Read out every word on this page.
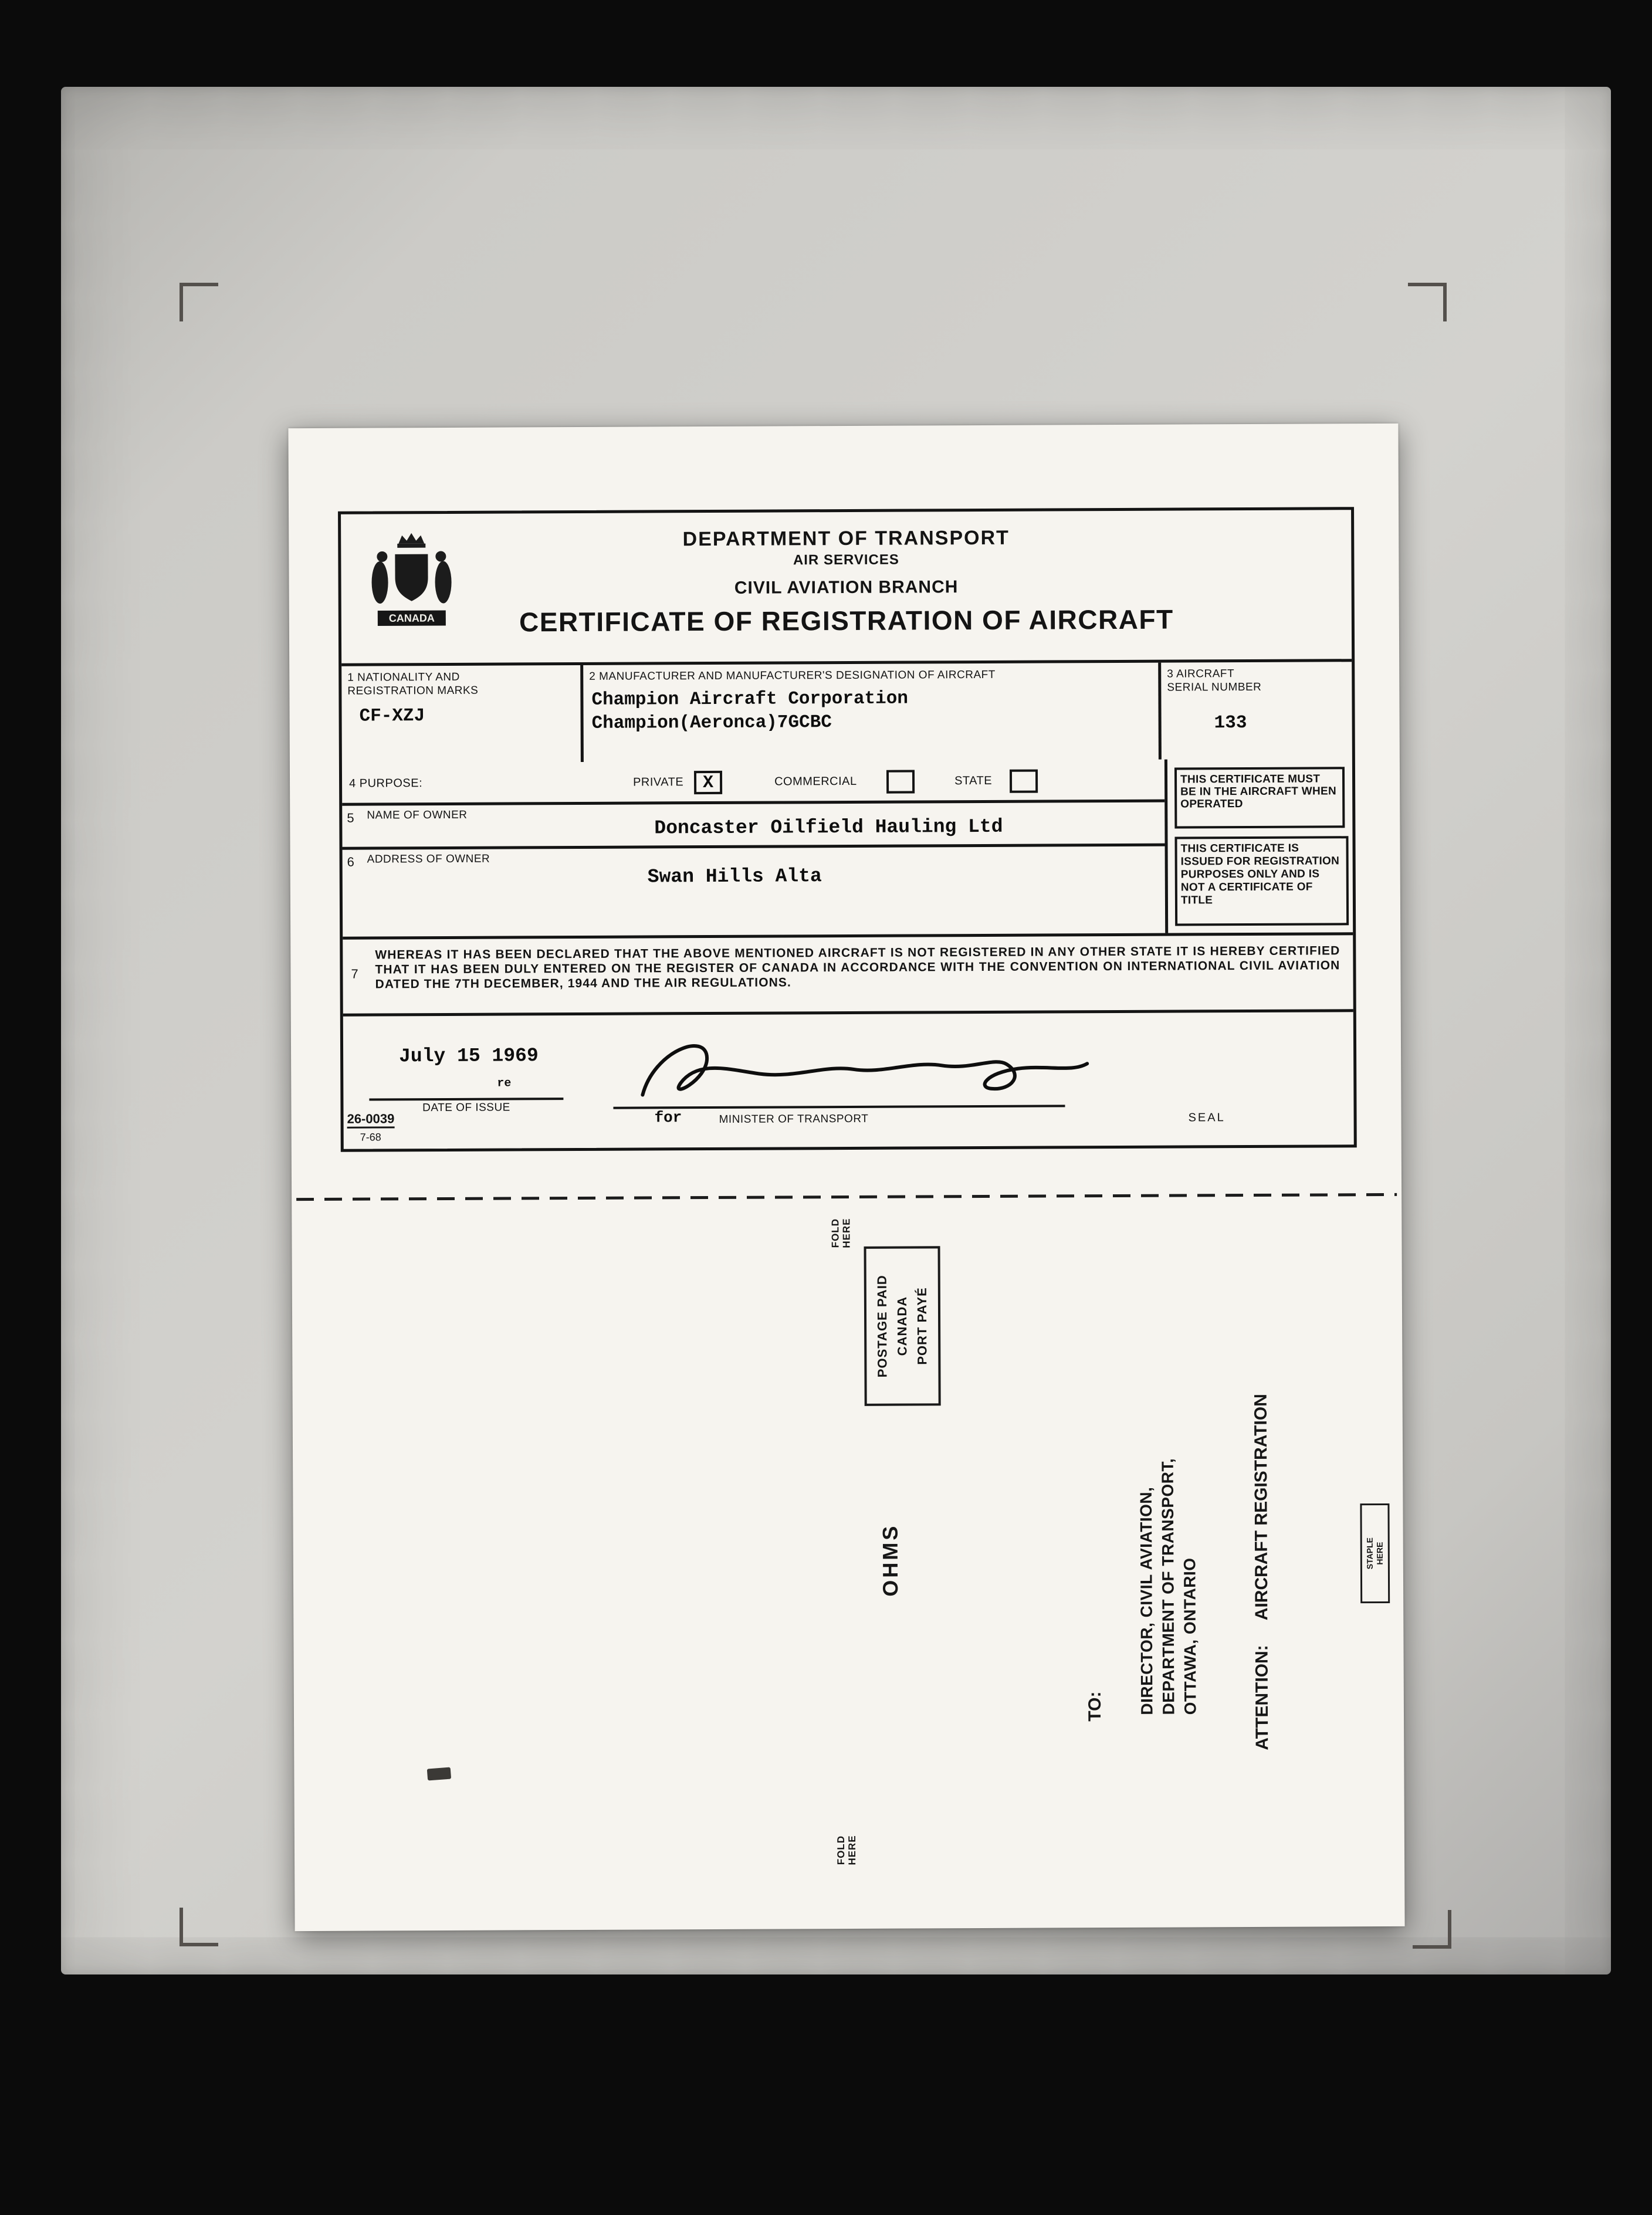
CANADA
DEPARTMENT OF TRANSPORT
AIR SERVICES
CIVIL AVIATION BRANCH
CERTIFICATE OF REGISTRATION OF AIRCRAFT
1 NATIONALITY AND
REGISTRATION MARKS
CF-XZJ
2 MANUFACTURER AND MANUFACTURER'S DESIGNATION OF AIRCRAFT
Champion Aircraft Corporation
Champion(Aeronca)7GCBC
3 AIRCRAFT
SERIAL NUMBER
133
4 PURPOSE:	PRIVATE	X	COMMERCIAL	STATE
5 NAME OF OWNER
Doncaster Oilfield Hauling Ltd
6 ADDRESS OF OWNER
Swan Hills Alta
THIS CERTIFICATE MUST BE IN THE AIRCRAFT WHEN OPERATED
THIS CERTIFICATE IS ISSUED FOR REGISTRATION PURPOSES ONLY AND IS NOT A CERTIFICATE OF TITLE
7
WHEREAS IT HAS BEEN DECLARED THAT THE ABOVE MENTIONED AIRCRAFT IS NOT REGISTERED IN ANY OTHER STATE IT IS HEREBY CERTIFIED THAT IT HAS BEEN DULY ENTERED ON THE REGISTER OF CANADA IN ACCORDANCE WITH THE CONVENTION ON INTERNATIONAL CIVIL AVIATION DATED THE 7TH DECEMBER, 1944 AND THE AIR REGULATIONS.
July 15 1969
re
DATE OF ISSUE
for	MINISTER OF TRANSPORT	SEAL
26-0039
7-68
FOLD
HERE
POSTAGE PAID CANADA PORT PAYÉ
OHMS
TO: DIRECTOR, CIVIL AVIATION, DEPARTMENT OF TRANSPORT, OTTAWA, ONTARIO	ATTENTION:AIRCRAFT REGISTRATION	STAPLE
HERE
FOLD
HERE
